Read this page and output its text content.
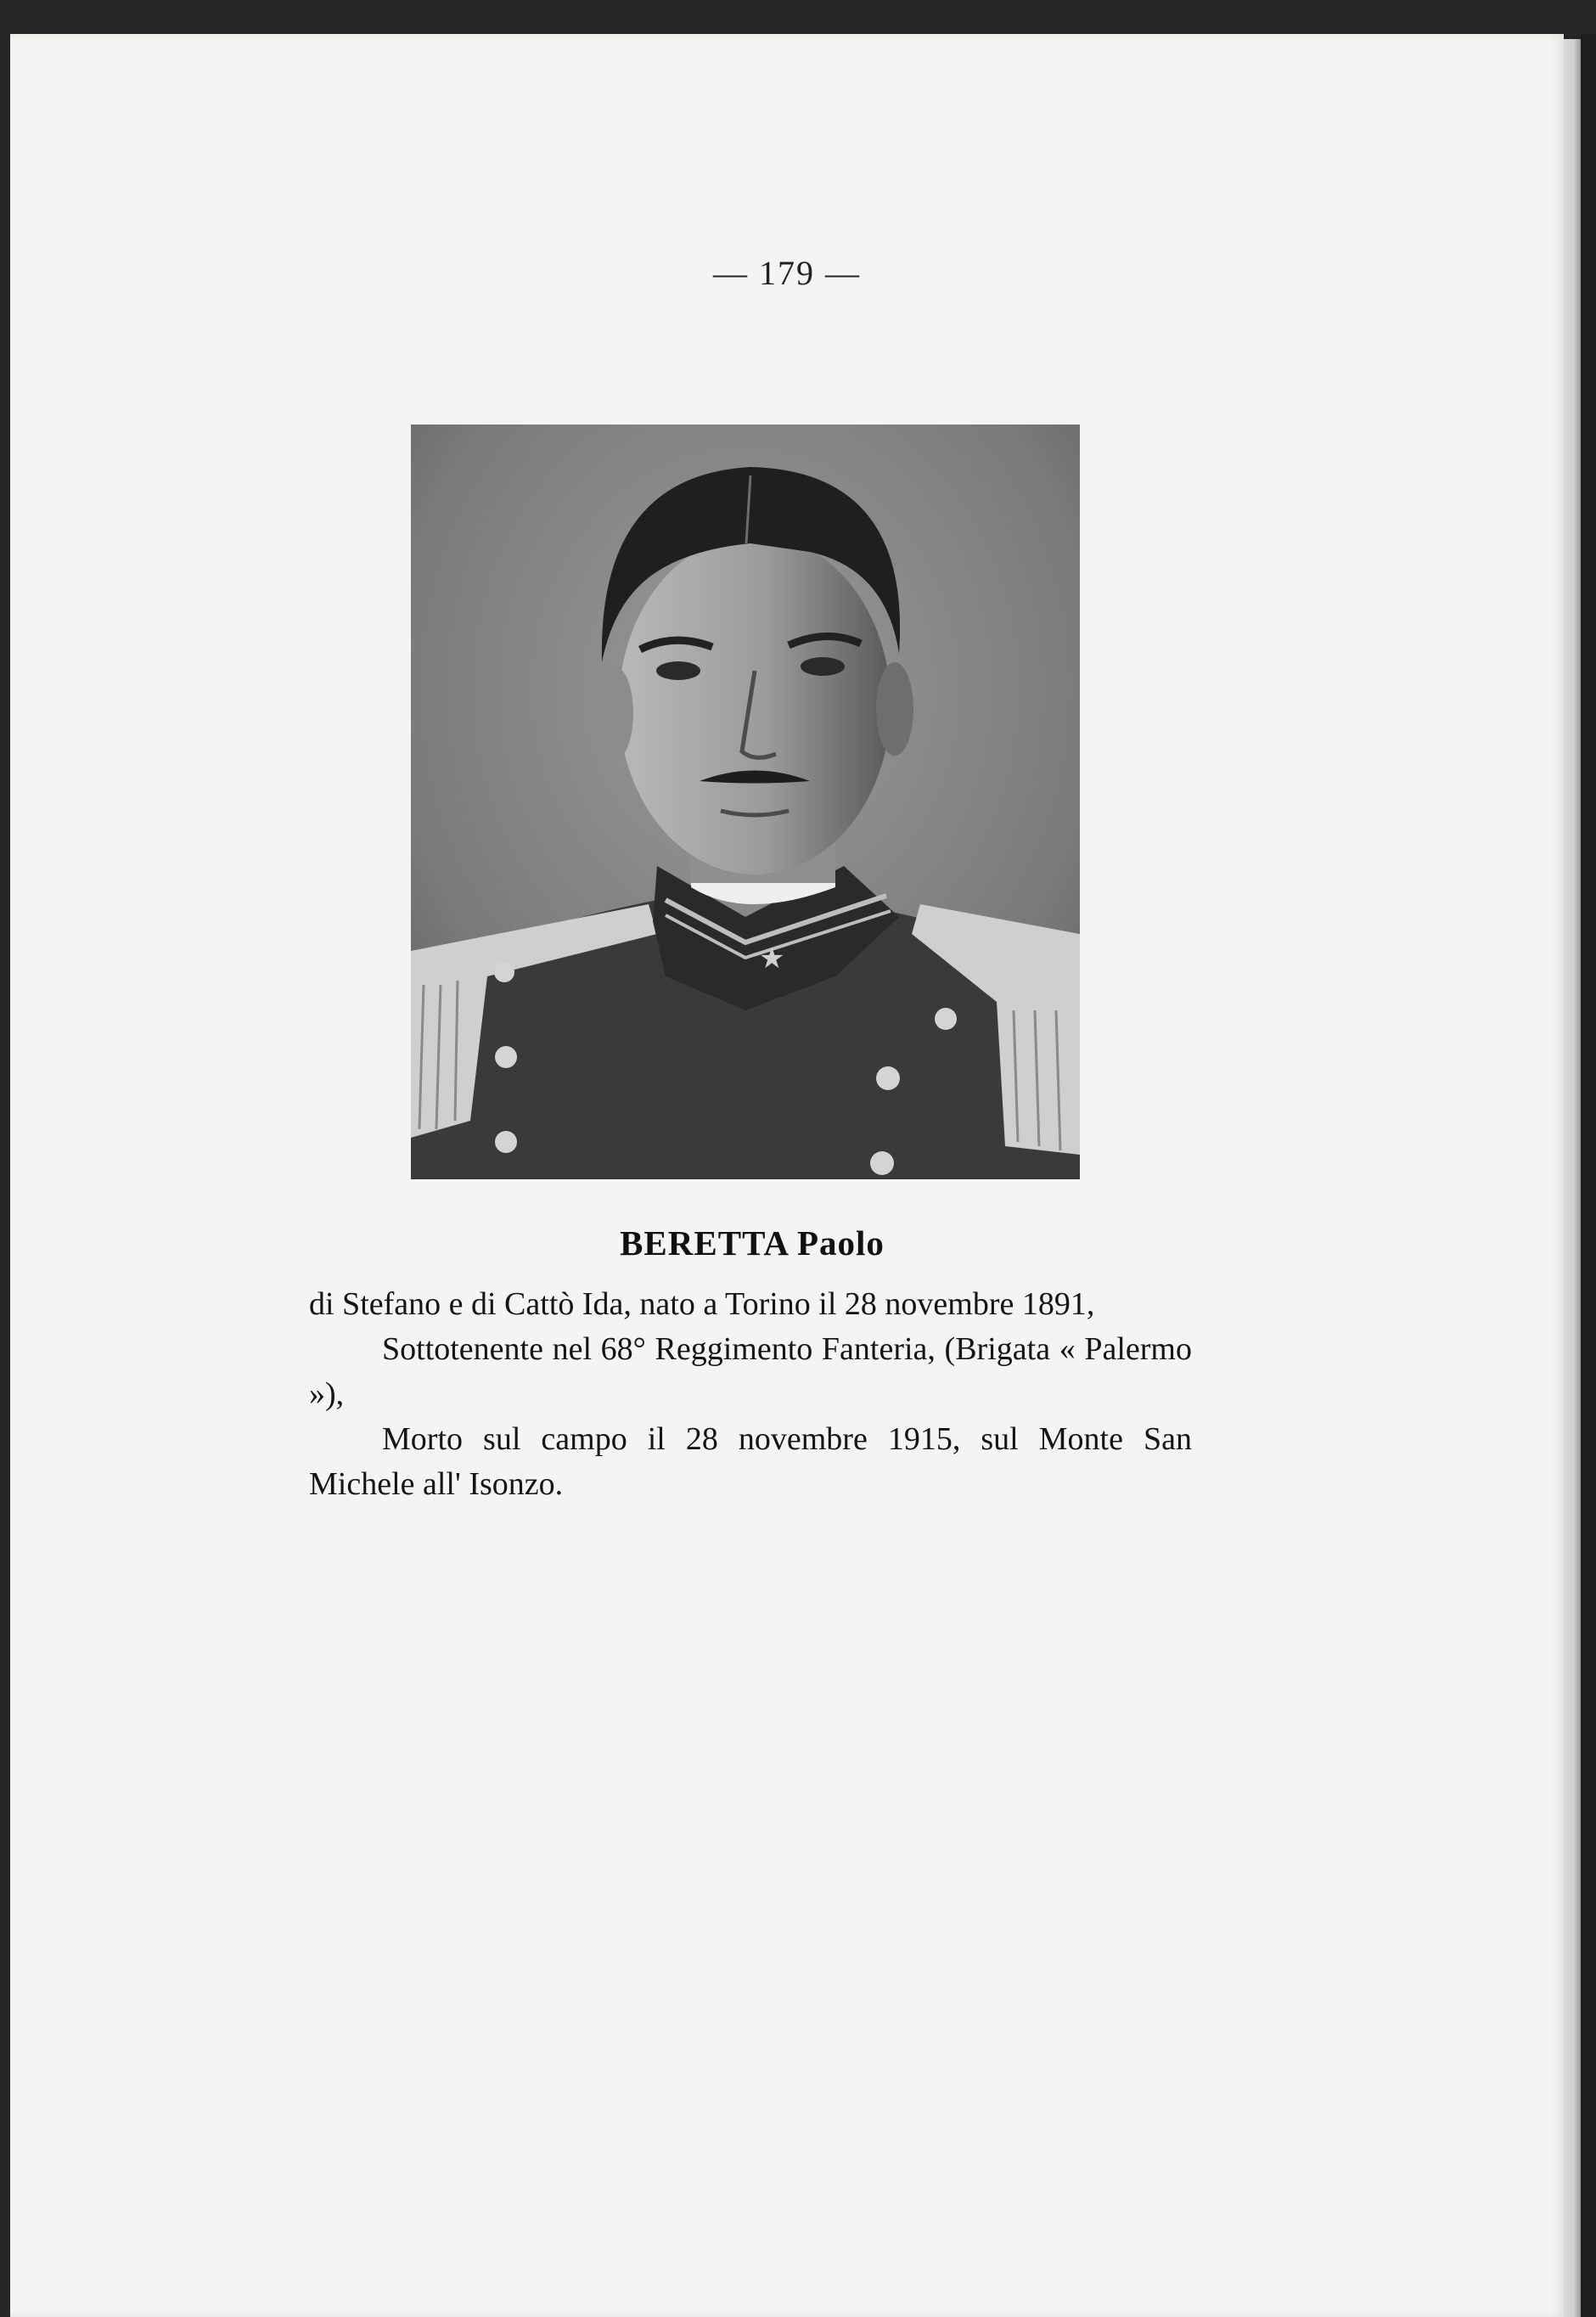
— 179 —
★
BERETTA Paolo

di Stefano e di Cattò Ida, nato a Torino il 28 novembre 1891,

Sottotenente nel 68° Reggimento Fanteria, (Brigata « Palermo »),

Morto sul campo il 28 novembre 1915, sul Monte San Michele all' Isonzo.
